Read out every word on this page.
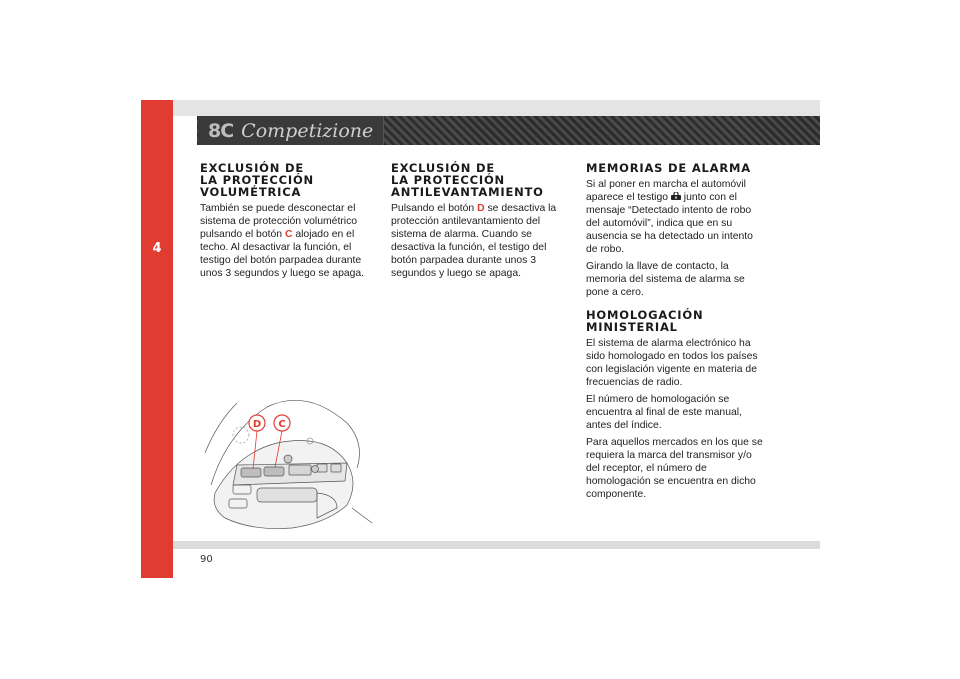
4
8C Competizione
EXCLUSIÓN DE
LA PROTECCIÓN
VOLUMÉTRICA

También se puede desconectar el sistema de protección volumétrico pulsando el botón C alojado en el techo. Al desactivar la función, el testigo del botón parpadea durante unos 3 segundos y luego se apaga.

EXCLUSIÓN DE
LA PROTECCIÓN
ANTILEVANTAMIENTO

Pulsando el botón D se desactiva la protección antilevantamiento del sistema de alarma. Cuando se desactiva la función, el testigo del botón parpadea durante unos 3 segundos y luego se apaga.

MEMORIAS DE ALARMA

Si al poner en marcha el automóvil aparece el testigo  junto con el mensaje “Detectado intento de robo del automóvil”, indica que en su ausencia se ha detectado un intento de robo.

Girando la llave de contacto, la memoria del sistema de alarma se pone a cero.

HOMOLOGACIÓN
MINISTERIAL

El sistema de alarma electrónico ha sido homologado en todos los países con legislación vigente en materia de frecuencias de radio.

El número de homologación se encuentra al final de este manual, antes del índice.

Para aquellos mercados en los que se requiera la marca del transmisor y/o del receptor, el número de homologación se encuentra en dicho componente.

D C
90
